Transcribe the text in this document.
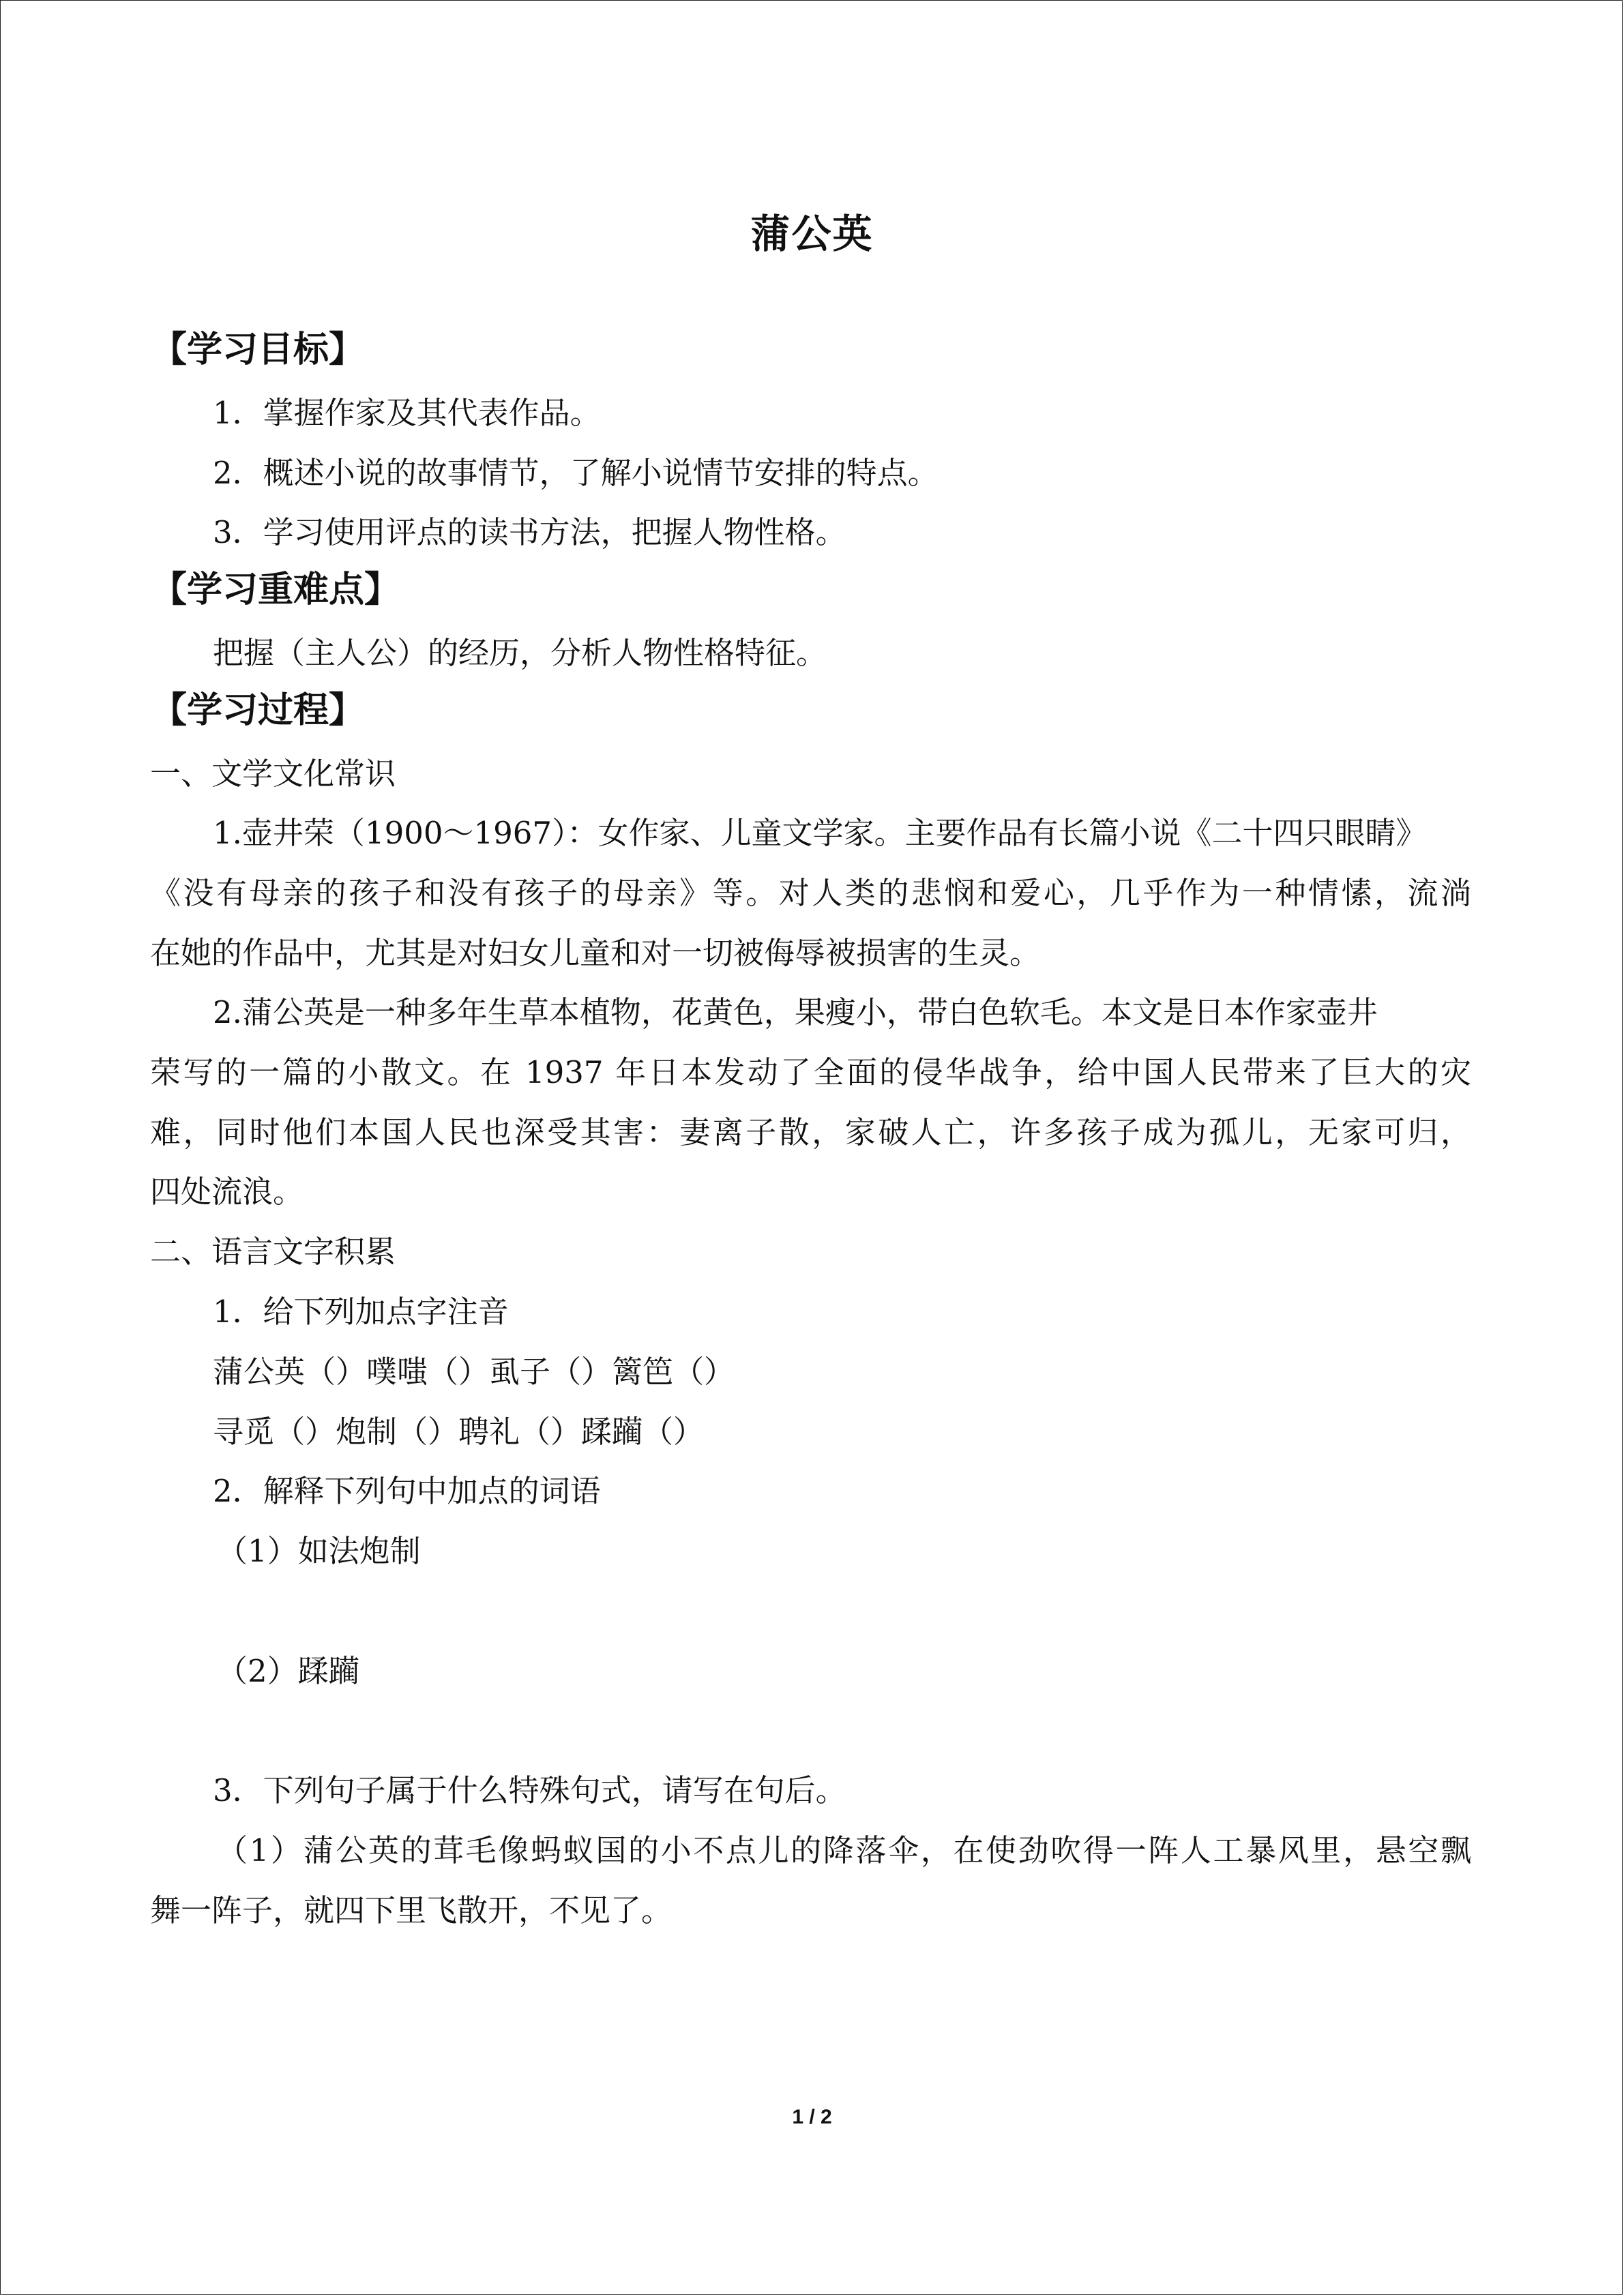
蒲公英
【学习目标】
1．掌握作家及其代表作品。
2．概述小说的故事情节，了解小说情节安排的特点。
3．学习使用评点的读书方法，把握人物性格。
【学习重难点】
把握（主人公）的经历，分析人物性格特征。
【学习过程】
一、文学文化常识
1.壶井荣（1900～1967）：女作家、儿童文学家。主要作品有长篇小说《二十四只眼睛》
《没有母亲的孩子和没有孩子的母亲》等。对人类的悲悯和爱心，几乎作为一种情愫，流淌
在她的作品中，尤其是对妇女儿童和对一切被侮辱被损害的生灵。
2.蒲公英是一种多年生草本植物，花黄色，果瘦小，带白色软毛。本文是日本作家壶井
荣写的一篇的小散文。在 1937 年日本发动了全面的侵华战争，给中国人民带来了巨大的灾
难，同时他们本国人民也深受其害：妻离子散，家破人亡，许多孩子成为孤儿，无家可归，
四处流浪。
二、语言文字积累
1．给下列加点字注音
蒲公英（）噗嗤（）虱子（）篱笆（）
寻觅（）炮制（）聘礼（）蹂躏（）
2．解释下列句中加点的词语
（1）如法炮制
（2）蹂躏
3．下列句子属于什么特殊句式，请写在句后。
（1）蒲公英的茸毛像蚂蚁国的小不点儿的降落伞，在使劲吹得一阵人工暴风里，悬空飘
舞一阵子，就四下里飞散开，不见了。
1 / 2
